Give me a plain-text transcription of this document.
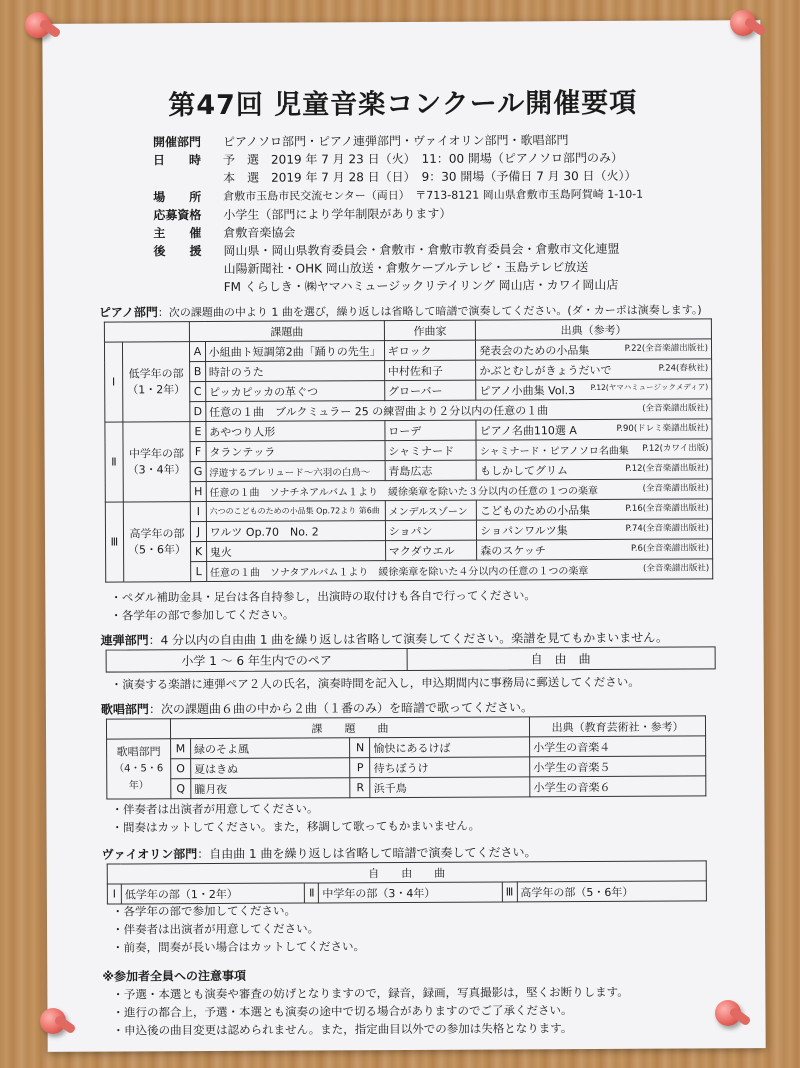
第47回 児童音楽コンクール開催要項
開催部門 ピアノソロ部門・ピアノ連弾部門・ヴァイオリン部門・歌唱部門
日　　時 予　選　2019 年 7 月 23 日（火）　11：00 開場（ピアノソロ部門のみ）
本　選　2019 年 7 月 28 日（日）　9：30 開場（予備日 7 月 30 日（火））
場　　所 倉敷市玉島市民交流センター（両日）　〒713-8121 岡山県倉敷市玉島阿賀崎 1-10-1
応募資格 小学生（部門により学年制限があります）
主　　催 倉敷音楽協会
後　　援 岡山県・岡山県教育委員会・倉敷市・倉敷市教育委員会・倉敷市文化連盟
山陽新聞社・OHK 岡山放送・倉敷ケーブルテレビ・玉島テレビ放送
FM くらしき・㈱ヤマハミュージックリテイリング 岡山店・カワイ岡山店
ピアノ部門：次の課題曲の中より 1 曲を選び，繰り返しは省略して暗譜で演奏してください。(ダ・カーポは演奏します。)
		課題曲		作曲家	出典（参考）
Ⅰ	低学年の部
（1・2年）	A	小組曲ト短調第2曲「踊りの先生」	ギロック	発表会のための小品集 P.22(全音楽譜出版社)

		B	時計のうた	中村佐和子	かぶとむしがきょうだいで P.24(春秋社)

		C	ピッカピッカの革ぐつ	グローバー	ピアノ小曲集 Vol.3 P.12(ヤマハミュージックメディア)

		D	任意の１曲　ブルクミュラー 25 の練習曲より２分以内の任意の１曲 (全音楽譜出版社)		

Ⅱ	中学年の部
（3・4年）	E	あやつり人形	ローデ	ピアノ名曲110選 A P.90(ドレミ楽譜出版社)

		F	タランテッラ	シャミナード	シャミナード・ピアノソロ名曲集 P.12(カワイ出版)

		G	浮遊するプレリュード〜六羽の白鳥〜	青島広志	もしかしてグリム P.12(全音楽譜出版社)

		H	任意の１曲　ソナチネアルバム１より　緩徐楽章を除いた３分以内の任意の１つの楽章 (全音楽譜出版社)		

Ⅲ	高学年の部
（5・6年）	I	六つのこどものための小品集 Op.72より 第6曲	メンデルスゾーン	こどものための小品集 P.16(全音楽譜出版社)

		J	ワルツ Op.70　No. 2	ショパン	ショパンワルツ集 P.74(全音楽譜出版社)

		K	鬼火	マクダウエル	森のスケッチ P.6(全音楽譜出版社)

		L	任意の１曲　ソナタアルバム１より　緩徐楽章を除いた４分以内の任意の１つの楽章 (全音楽譜出版社)		
・ペダル補助金具・足台は各自持参し，出演時の取付けも各自で行ってください。
・各学年の部で参加してください。
連弾部門：4 分以内の自由曲 1 曲を繰り返しは省略して演奏してください。楽譜を見てもかまいません。
小学 1 〜 6 年生内でのペア	自　由　曲
・演奏する楽譜に連弾ペア２人の氏名，演奏時間を記入し，申込期間内に事務局に郵送してください。
歌唱部門：次の課題曲６曲の中から２曲（１番のみ）を暗譜で歌ってください。
	課　　題　　曲				出典（教育芸術社・参考）
歌唱部門
（4・5・6年）	M	緑のそよ風	N	愉快にあるけば	小学生の音楽４
	O	夏はきぬ	P	待ちぼうけ	小学生の音楽５
	Q	朧月夜	R	浜千鳥	小学生の音楽６
・伴奏者は出演者が用意してください。
・間奏はカットしてください。また，移調して歌ってもかまいません。
ヴァイオリン部門：自由曲 1 曲を繰り返しは省略して暗譜で演奏してください。
自　　由　　曲
Ⅰ	低学年の部（1・2年）	Ⅱ	中学年の部（3・4年）	Ⅲ	高学年の部（5・6年）
・各学年の部で参加してください。
・伴奏者は出演者が用意してください。
・前奏，間奏が長い場合はカットしてください。
※参加者全員への注意事項
・予選・本選とも演奏や審査の妨げとなりますので，録音，録画，写真撮影は，堅くお断りします。
・進行の都合上，予選・本選とも演奏の途中で切る場合がありますのでご了承ください。
・申込後の曲目変更は認められません。また，指定曲目以外での参加は失格となります。
